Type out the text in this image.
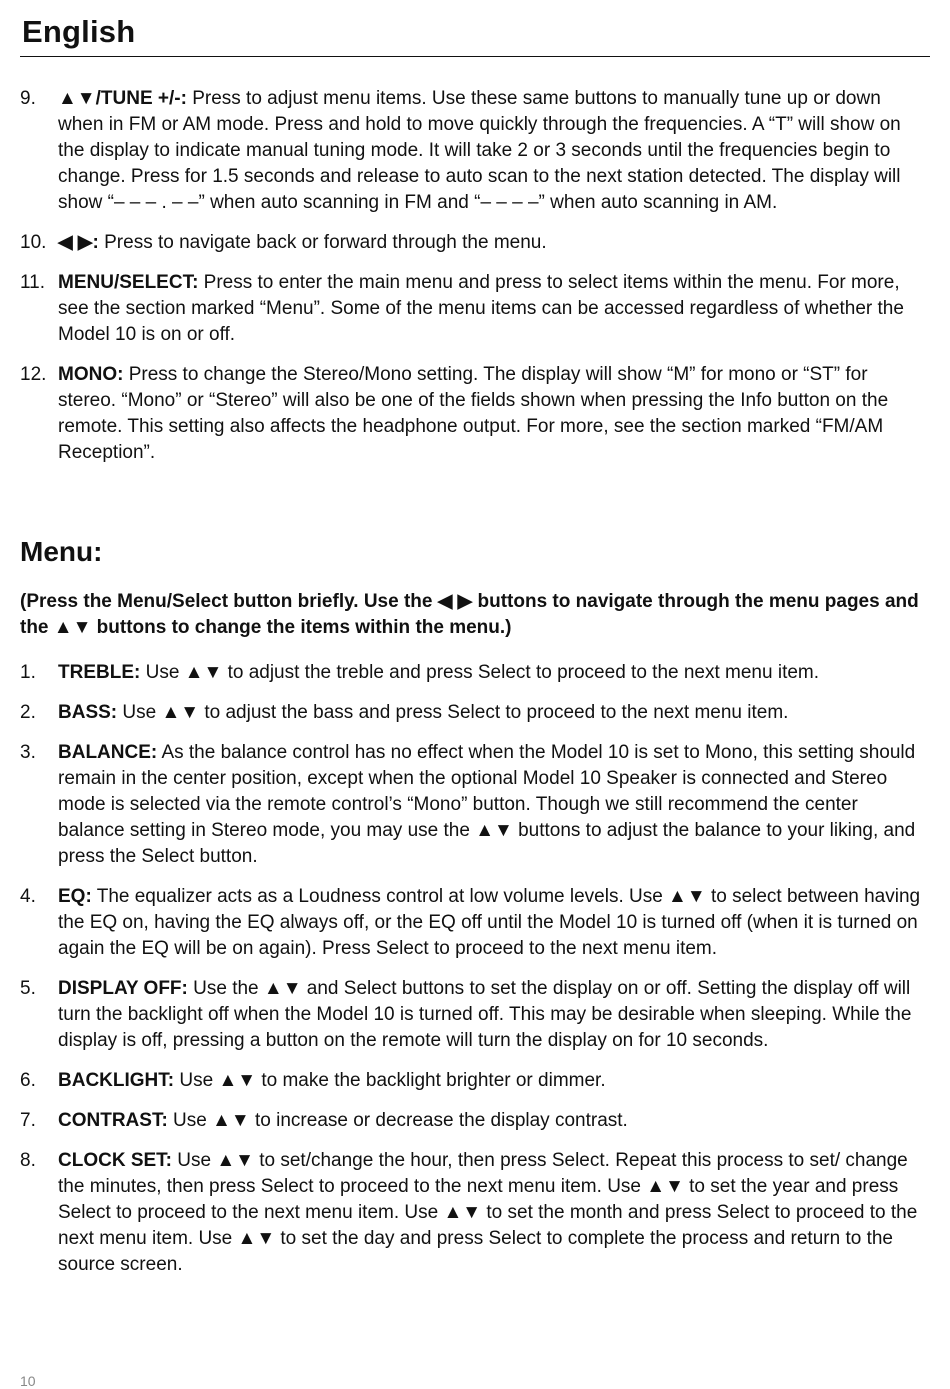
English
9. ▲▼/TUNE +/-: Press to adjust menu items. Use these same buttons to manually tune up or down when in FM or AM mode. Press and hold to move quickly through the frequencies. A “T” will show on the display to indicate manual tuning mode. It will take 2 or 3 seconds until the frequencies begin to change. Press for 1.5 seconds and release to auto scan to the next station detected. The display will show “– – – . – –” when auto scanning in FM and “– – – –” when auto scanning in AM.
10. ◀ ▶: Press to navigate back or forward through the menu.
11. MENU/SELECT: Press to enter the main menu and press to select items within the menu. For more, see the section marked “Menu”. Some of the menu items can be accessed regardless of whether the Model 10 is on or off.
12. MONO: Press to change the Stereo/Mono setting. The display will show “M” for mono or “ST” for stereo. “Mono” or “Stereo” will also be one of the fields shown when pressing the Info button on the remote. This setting also affects the headphone output. For more, see the section marked “FM/AM Reception”.
Menu:
(Press the Menu/Select button briefly. Use the ◀ ▶ buttons to navigate through the menu pages and the ▲▼ buttons to change the items within the menu.)
1. TREBLE: Use ▲▼ to adjust the treble and press Select to proceed to the next menu item.
2. BASS: Use ▲▼ to adjust the bass and press Select to proceed to the next menu item.
3. BALANCE: As the balance control has no effect when the Model 10 is set to Mono, this setting should remain in the center position, except when the optional Model 10 Speaker is connected and Stereo mode is selected via the remote control’s “Mono” button. Though we still recommend the center balance setting in Stereo mode, you may use the ▲▼ buttons to adjust the balance to your liking, and press the Select button.
4. EQ: The equalizer acts as a Loudness control at low volume levels. Use ▲▼ to select between having the EQ on, having the EQ always off, or the EQ off until the Model 10 is turned off (when it is turned on again the EQ will be on again). Press Select to proceed to the next menu item.
5. DISPLAY OFF: Use the ▲▼ and Select buttons to set the display on or off. Setting the display off will turn the backlight off when the Model 10 is turned off. This may be desirable when sleeping. While the display is off, pressing a button on the remote will turn the display on for 10 seconds.
6. BACKLIGHT: Use ▲▼ to make the backlight brighter or dimmer.
7. CONTRAST: Use ▲▼ to increase or decrease the display contrast.
8. CLOCK SET: Use ▲▼ to set/change the hour, then press Select. Repeat this process to set/ change the minutes, then press Select to proceed to the next menu item. Use ▲▼ to set the year and press Select to proceed to the next menu item. Use ▲▼ to set the month and press Select to proceed to the next menu item. Use ▲▼ to set the day and press Select to complete the process and return to the source screen.
10
